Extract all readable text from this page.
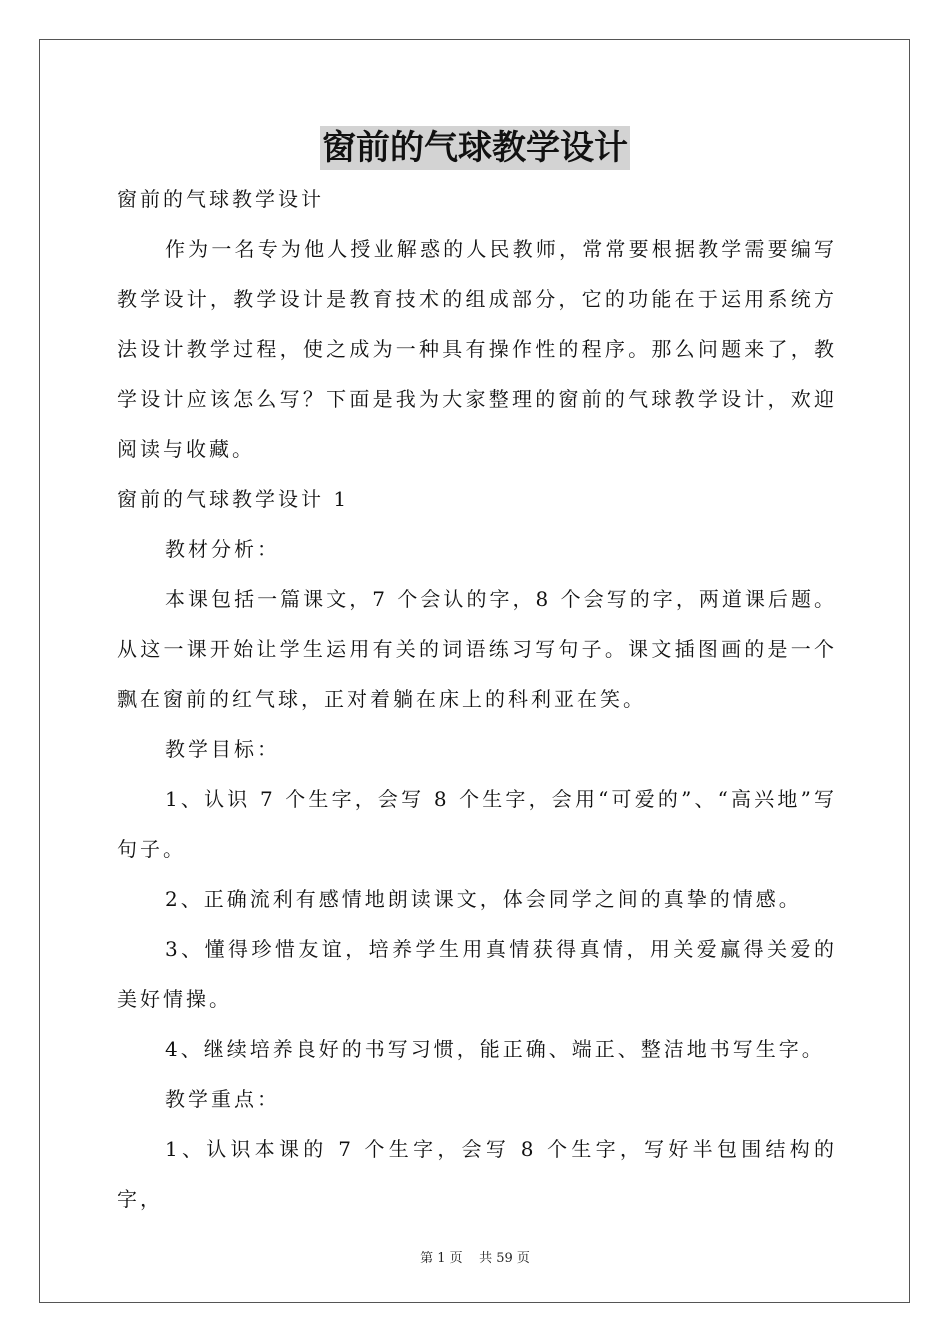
窗前的气球教学设计

窗前的气球教学设计

作为一名专为他人授业解惑的人民教师，常常要根据教学需要编写教学设计，教学设计是教育技术的组成部分，它的功能在于运用系统方法设计教学过程，使之成为一种具有操作性的程序。那么问题来了，教学设计应该怎么写？下面是我为大家整理的窗前的气球教学设计，欢迎阅读与收藏。

窗前的气球教学设计 1

教材分析：

本课包括一篇课文，7 个会认的字，8 个会写的字，两道课后题。从这一课开始让学生运用有关的词语练习写句子。课文插图画的是一个飘在窗前的红气球，正对着躺在床上的科利亚在笑。

教学目标：

1、认识 7 个生字，会写 8 个生字，会用“可爱的”、“高兴地”写句子。

2、正确流利有感情地朗读课文，体会同学之间的真挚的情感。

3、懂得珍惜友谊，培养学生用真情获得真情，用关爱赢得关爱的美好情操。

4、继续培养良好的书写习惯，能正确、端正、整洁地书写生字。

教学重点：

1、认识本课的 7 个生字，会写 8 个生字，写好半包围结构的字，

第 1 页    共 59 页
